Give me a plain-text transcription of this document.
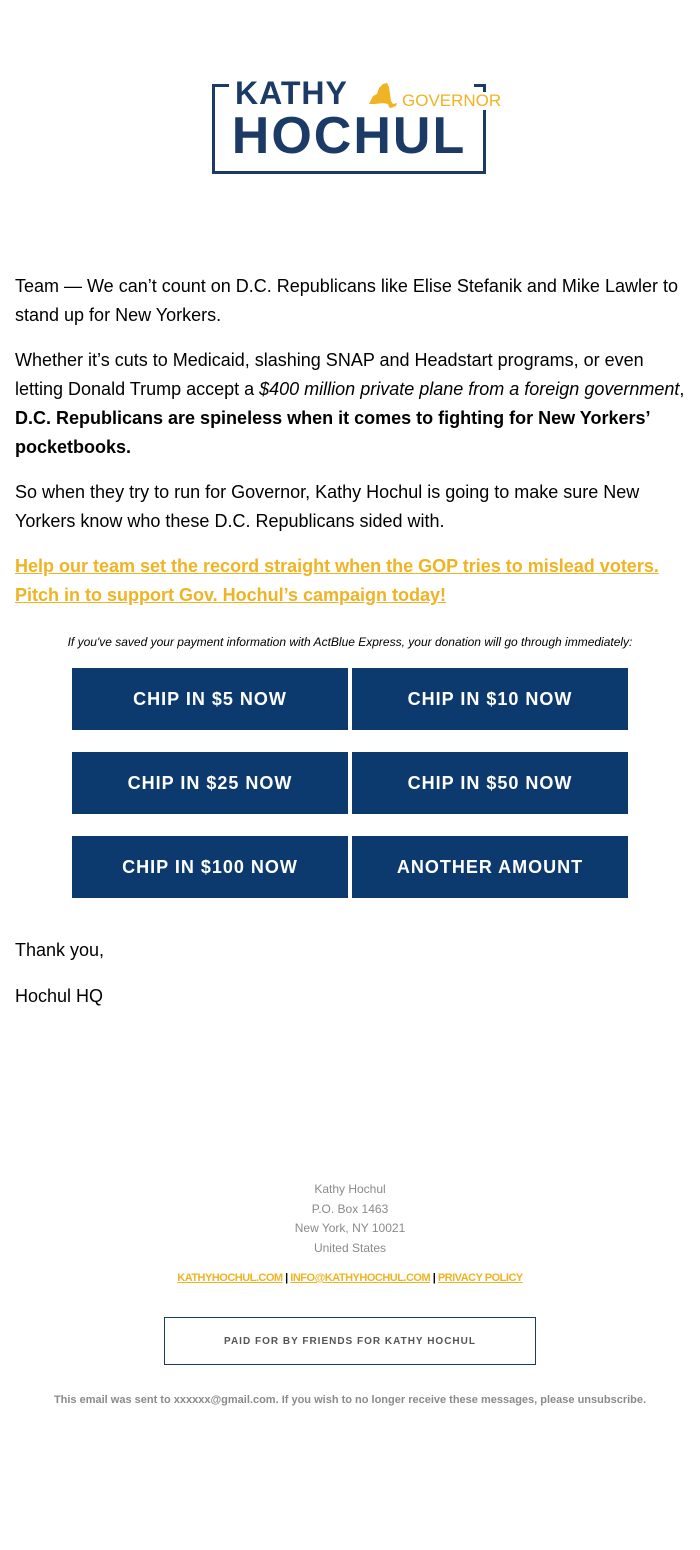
KATHY	GOVERNOR
HOCHUL

Team — We can’t count on D.C. Republicans like Elise Stefanik and Mike Lawler to stand up for New Yorkers.

Whether it’s cuts to Medicaid, slashing SNAP and Headstart programs, or even letting Donald Trump accept a $400 million private plane from a foreign government, D.C. Republicans are spineless when it comes to fighting for New Yorkers’ pocketbooks.

So when they try to run for Governor, Kathy Hochul is going to make sure New Yorkers know who these D.C. Republicans sided with.

Help our team set the record straight when the GOP tries to mislead voters. Pitch in to support Gov. Hochul’s campaign today!

If you've saved your payment information with ActBlue Express, your donation will go through immediately:
CHIP IN $5 NOW	CHIP IN $10 NOW
CHIP IN $25 NOW	CHIP IN $50 NOW
CHIP IN $100 NOW	ANOTHER AMOUNT
Thank you,
Hochul HQ
Kathy Hochul
P.O. Box 1463
New York, NY 10021
United States
KATHYHOCHUL.COM | INFO@KATHYHOCHUL.COM | PRIVACY POLICY
PAID FOR BY FRIENDS FOR KATHY HOCHUL
This email was sent to xxxxxx@gmail.com. If you wish to no longer receive these messages, please unsubscribe.
